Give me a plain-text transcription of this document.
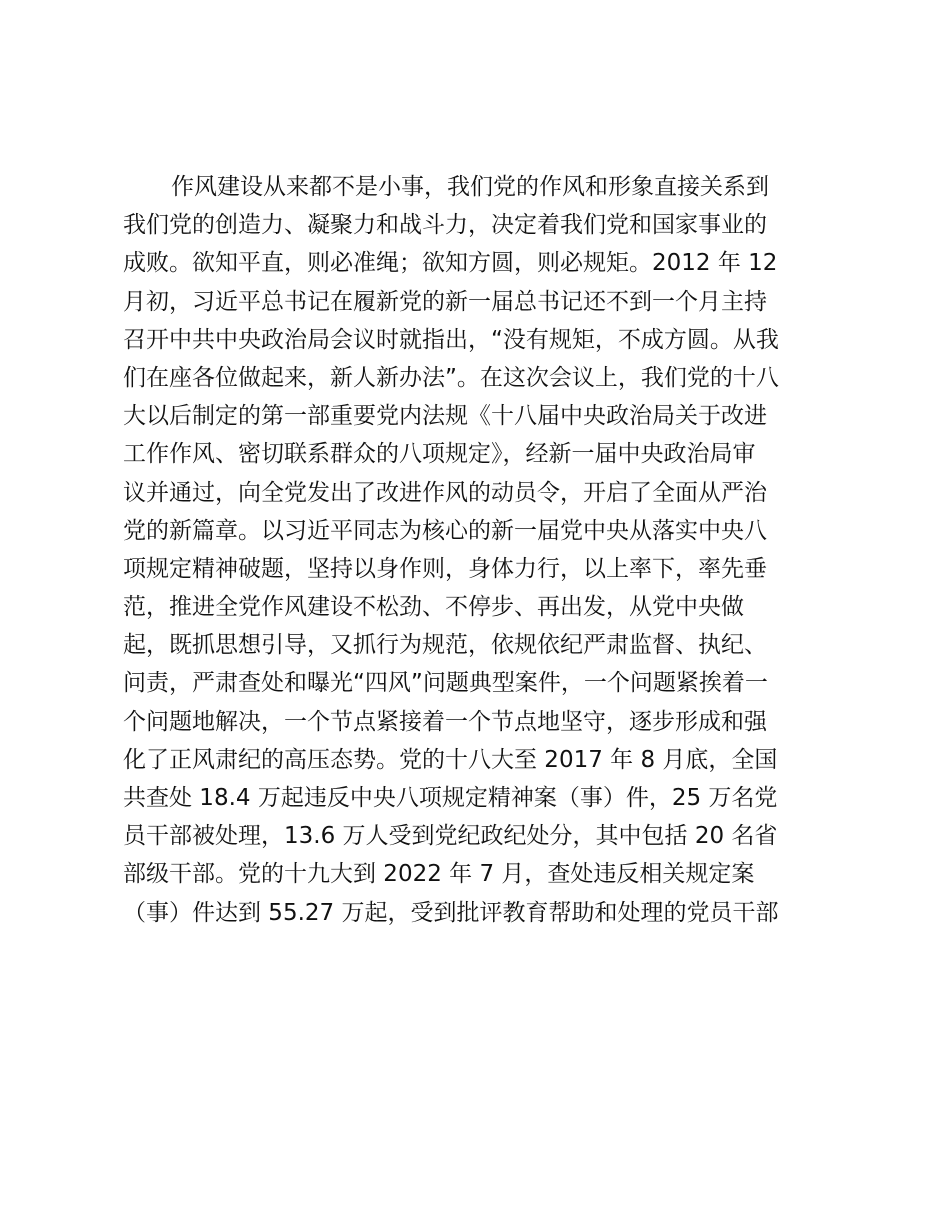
作风建设从来都不是小事，我们党的作风和形象直接关系到
我们党的创造力、凝聚力和战斗力，决定着我们党和国家事业的
成败。欲知平直，则必准绳；欲知方圆，则必规矩。2012 年 12
月初，习近平总书记在履新党的新一届总书记还不到一个月主持
召开中共中央政治局会议时就指出，“没有规矩，不成方圆。从我
们在座各位做起来，新人新办法”。在这次会议上，我们党的十八
大以后制定的第一部重要党内法规《十八届中央政治局关于改进
工作作风、密切联系群众的八项规定》，经新一届中央政治局审
议并通过，向全党发出了改进作风的动员令，开启了全面从严治
党的新篇章。以习近平同志为核心的新一届党中央从落实中央八
项规定精神破题，坚持以身作则，身体力行，以上率下，率先垂
范，推进全党作风建设不松劲、不停步、再出发，从党中央做
起，既抓思想引导，又抓行为规范，依规依纪严肃监督、执纪、
问责，严肃查处和曝光“四风”问题典型案件，一个问题紧挨着一
个问题地解决，一个节点紧接着一个节点地坚守，逐步形成和强
化了正风肃纪的高压态势。党的十八大至 2017 年 8 月底，全国
共查处 18.4 万起违反中央八项规定精神案（事）件，25 万名党
员干部被处理，13.6 万人受到党纪政纪处分，其中包括 20 名省
部级干部。党的十九大到 2022 年 7 月，查处违反相关规定案
（事）件达到 55.27 万起，受到批评教育帮助和处理的党员干部
